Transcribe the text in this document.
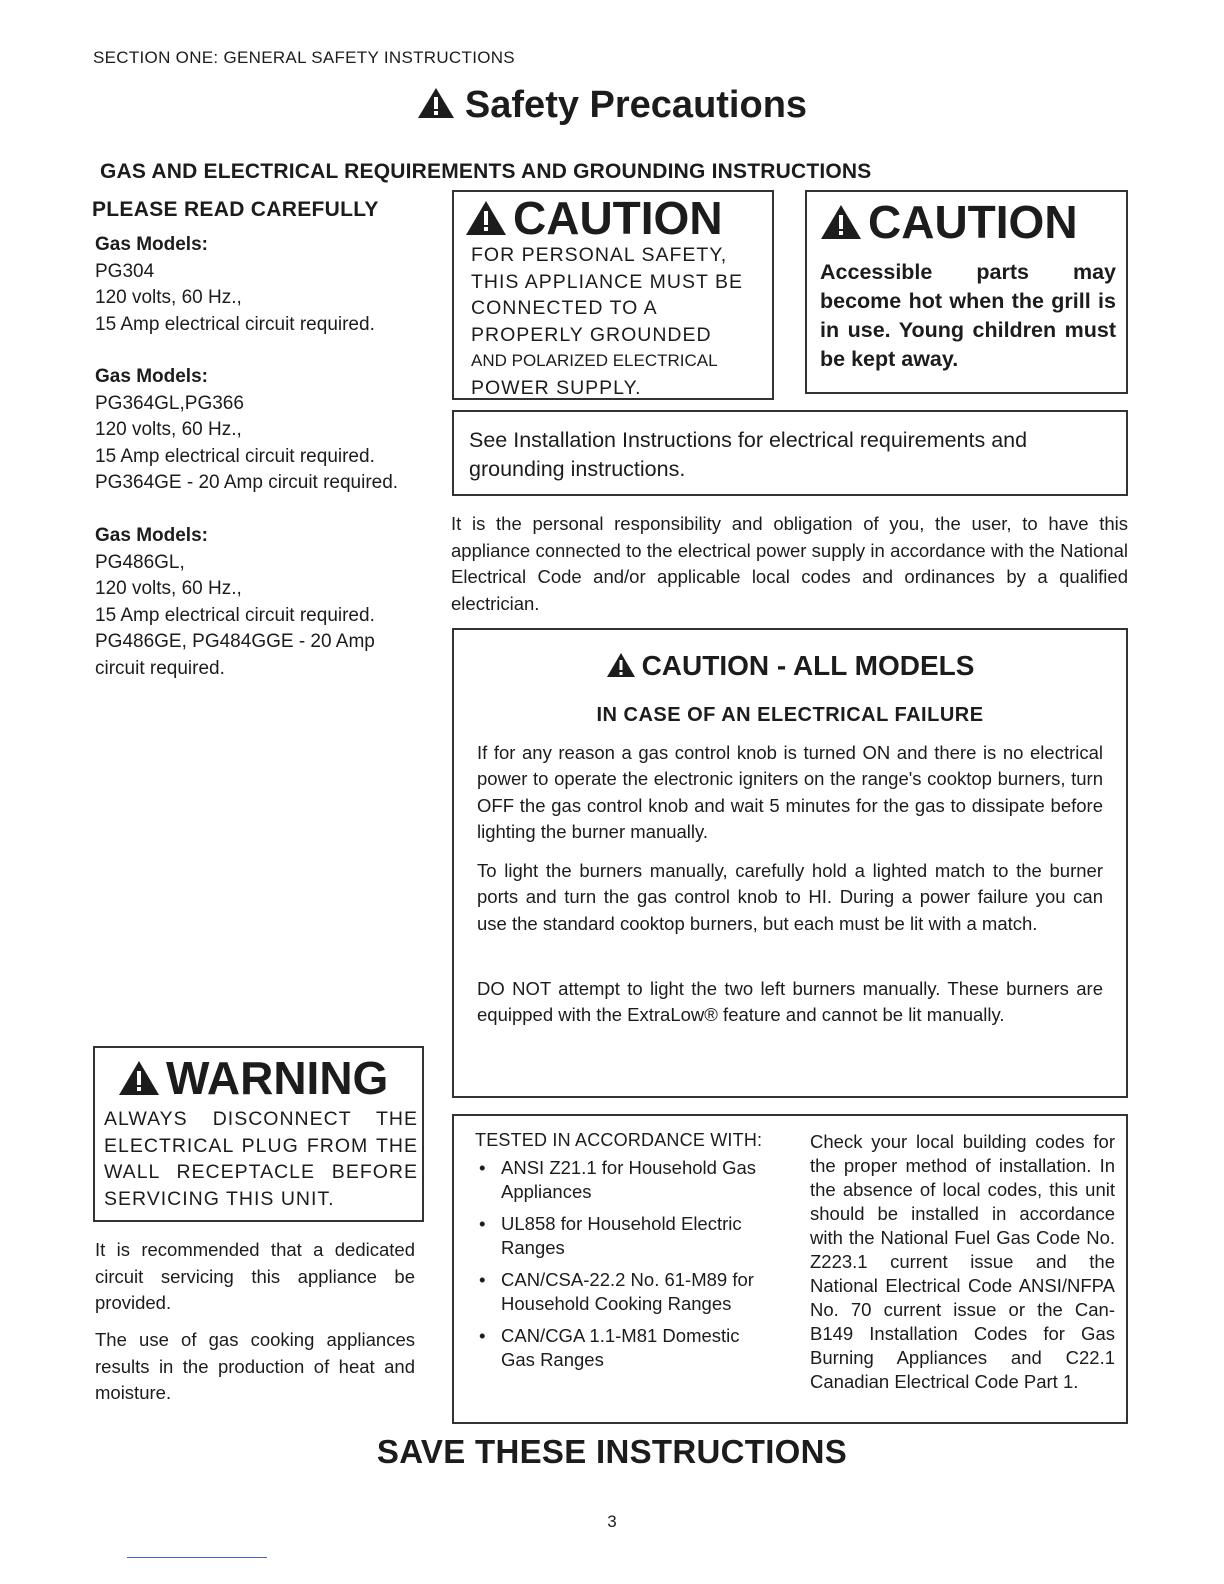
SECTION ONE: GENERAL SAFETY INSTRUCTIONS
Safety Precautions
GAS AND ELECTRICAL REQUIREMENTS AND GROUNDING INSTRUCTIONS
PLEASE READ CAREFULLY
Gas Models:
PG304
120 volts, 60 Hz.,
15 Amp electrical circuit required.
Gas Models:
PG364GL,PG366
120 volts, 60 Hz.,
15 Amp electrical circuit required.
PG364GE - 20 Amp circuit required.
Gas Models:
PG486GL,
120 volts, 60 Hz.,
15 Amp electrical circuit required.
PG486GE, PG484GGE - 20 Amp
circuit required.
CAUTION
FOR PERSONAL SAFETY,
THIS APPLIANCE MUST BE
CONNECTED TO A
PROPERLY GROUNDED
AND POLARIZED ELECTRICAL
POWER SUPPLY.
CAUTION
Accessible parts may become hot when the grill is in use. Young children must be kept away.
See Installation Instructions for electrical requirements and grounding instructions.
It is the personal responsibility and obligation of you, the user, to have this appliance connected to the electrical power supply in accordance with the National Electrical Code and/or applicable local codes and ordinances by a qualified electrician.
CAUTION - ALL MODELS
IN CASE OF AN ELECTRICAL FAILURE
If for any reason a gas control knob is turned ON and there is no electrical power to operate the electronic igniters on the range's cooktop burners, turn OFF the gas control knob and wait 5 minutes for the gas to dissipate before lighting the burner manually.
To light the burners manually, carefully hold a lighted match to the burner ports and turn the gas control knob to HI. During a power failure you can use the standard cooktop burners, but each must be lit with a match.
DO NOT attempt to light the two left burners manually. These burners are equipped with the ExtraLow® feature and cannot be lit manually.
WARNING
ALWAYS DISCONNECT THE ELECTRICAL PLUG FROM THE WALL RECEPTACLE BEFORE SERVICING THIS UNIT.
It is recommended that a dedicated circuit servicing this appliance be provided.
The use of gas cooking appliances results in the production of heat and moisture.
TESTED IN ACCORDANCE WITH:
• ANSI Z21.1 for Household Gas Appliances
• UL858 for Household Electric Ranges
• CAN/CSA-22.2 No. 61-M89 for Household Cooking Ranges
• CAN/CGA 1.1-M81 Domestic Gas Ranges
Check your local building codes for the proper method of installation. In the absence of local codes, this unit should be installed in accordance with the National Fuel Gas Code No. Z223.1 current issue and the National Electrical Code ANSI/NFPA No. 70 current issue or the Can-B149 Installation Codes for Gas Burning Appliances and C22.1 Canadian Electrical Code Part 1.
SAVE THESE INSTRUCTIONS
3
